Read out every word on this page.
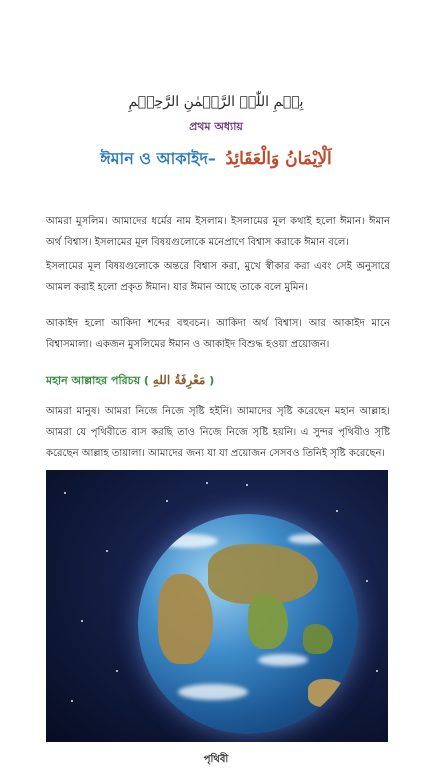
بِسۡمِ اللّٰہِ الرَّحۡمٰنِ الرَّحِیۡمِ
প্রথম অধ্যায়
ঈমান ও আকাইদ– اَلْاِيْمَانُ وَالْعَقَائِدُ
আমরা মুসলিম। আমাদের ধর্মের নাম ইসলাম। ইসলামের মূল কথাই হলো ঈমান। ঈমান অর্থ বিশ্বাস। ইসলামের মূল বিষয়গুলোকে মনেপ্রাণে বিশ্বাস করাকে ঈমান বলে।
ইসলামের মূল বিষয়গুলোকে অন্তরে বিশ্বাস করা, মুখে স্বীকার করা এবং সেই অনুসারে আমল করাই হলো প্রকৃত ঈমান। যার ঈমান আছে তাকে বলে মুমিন।
আকাইদ হলো আকিদা শব্দের বহুবচন। আকিদা অর্থ বিশ্বাস। আর আকাইদ মানে বিশ্বাসমালা। একজন মুসলিমের ঈমান ও আকাইদ বিশুদ্ধ হওয়া প্রয়োজন।
মহান আল্লাহর পরিচয় ( مَعْرِفَةُ اللهِ )
আমরা মানুষ। আমরা নিজে নিজে সৃষ্টি হইনি। আমাদের সৃষ্টি করেছেন মহান আল্লাহ। আমরা যে পৃথিবীতে বাস করছি তাও নিজে নিজে সৃষ্টি হয়নি। এ সুন্দর পৃথিবীও সৃষ্টি করেছেন আল্লাহ তায়ালা। আমাদের জন্য যা যা প্রয়োজন সেসবও তিনিই সৃষ্টি করেছেন।
পৃথিবী
